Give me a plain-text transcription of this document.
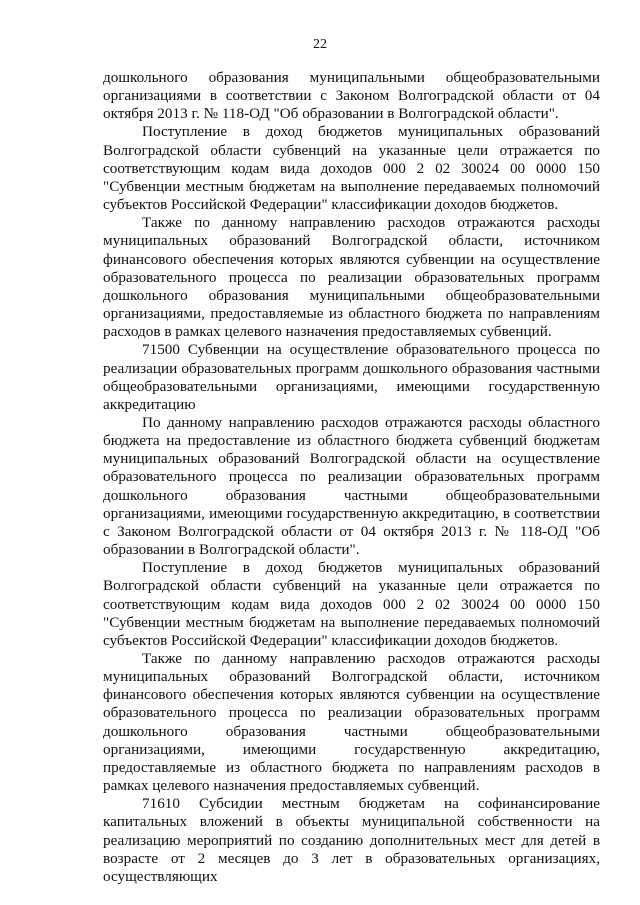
22

дошкольного образования муниципальными общеобразовательными организациями в соответствии с Законом Волгоградской области от 04 октября 2013 г. № 118-ОД "Об образовании в Волгоградской области".

Поступление в доход бюджетов муниципальных образований Волгоградской области субвенций на указанные цели отражается по соответствующим кодам вида доходов 000 2 02 30024 00 0000 150 "Субвенции местным бюджетам на выполнение передаваемых полномочий субъектов Российской Федерации" классификации доходов бюджетов.

Также по данному направлению расходов отражаются расходы муниципальных образований Волгоградской области, источником финансового обеспечения которых являются субвенции на осуществление образовательного процесса по реализации образовательных программ дошкольного образования муниципальными общеобразовательными организациями, предоставляемые из областного бюджета по направлениям расходов в рамках целевого назначения предоставляемых субвенций.

71500 Субвенции на осуществление образовательного процесса по реализации образовательных программ дошкольного образования частными общеобразовательными организациями, имеющими государственную аккредитацию

По данному направлению расходов отражаются расходы областного бюджета на предоставление из областного бюджета субвенций бюджетам муниципальных образований Волгоградской области на осуществление образовательного процесса по реализации образовательных программ дошкольного образования частными общеобразовательными организациями, имеющими государственную аккредитацию, в соответствии с Законом Волгоградской области от 04 октября 2013 г. № 118-ОД "Об образовании в Волгоградской области".

Поступление в доход бюджетов муниципальных образований Волгоградской области субвенций на указанные цели отражается по соответствующим кодам вида доходов 000 2 02 30024 00 0000 150 "Субвенции местным бюджетам на выполнение передаваемых полномочий субъектов Российской Федерации" классификации доходов бюджетов.

Также по данному направлению расходов отражаются расходы муниципальных образований Волгоградской области, источником финансового обеспечения которых являются субвенции на осуществление образовательного процесса по реализации образовательных программ дошкольного образования частными общеобразовательными организациями, имеющими государственную аккредитацию, предоставляемые из областного бюджета по направлениям расходов в рамках целевого назначения предоставляемых субвенций.

71610 Субсидии местным бюджетам на софинансирование капитальных вложений в объекты муниципальной собственности на реализацию мероприятий по созданию дополнительных мест для детей в возрасте от 2 месяцев до 3 лет в образовательных организациях, осуществляющих
